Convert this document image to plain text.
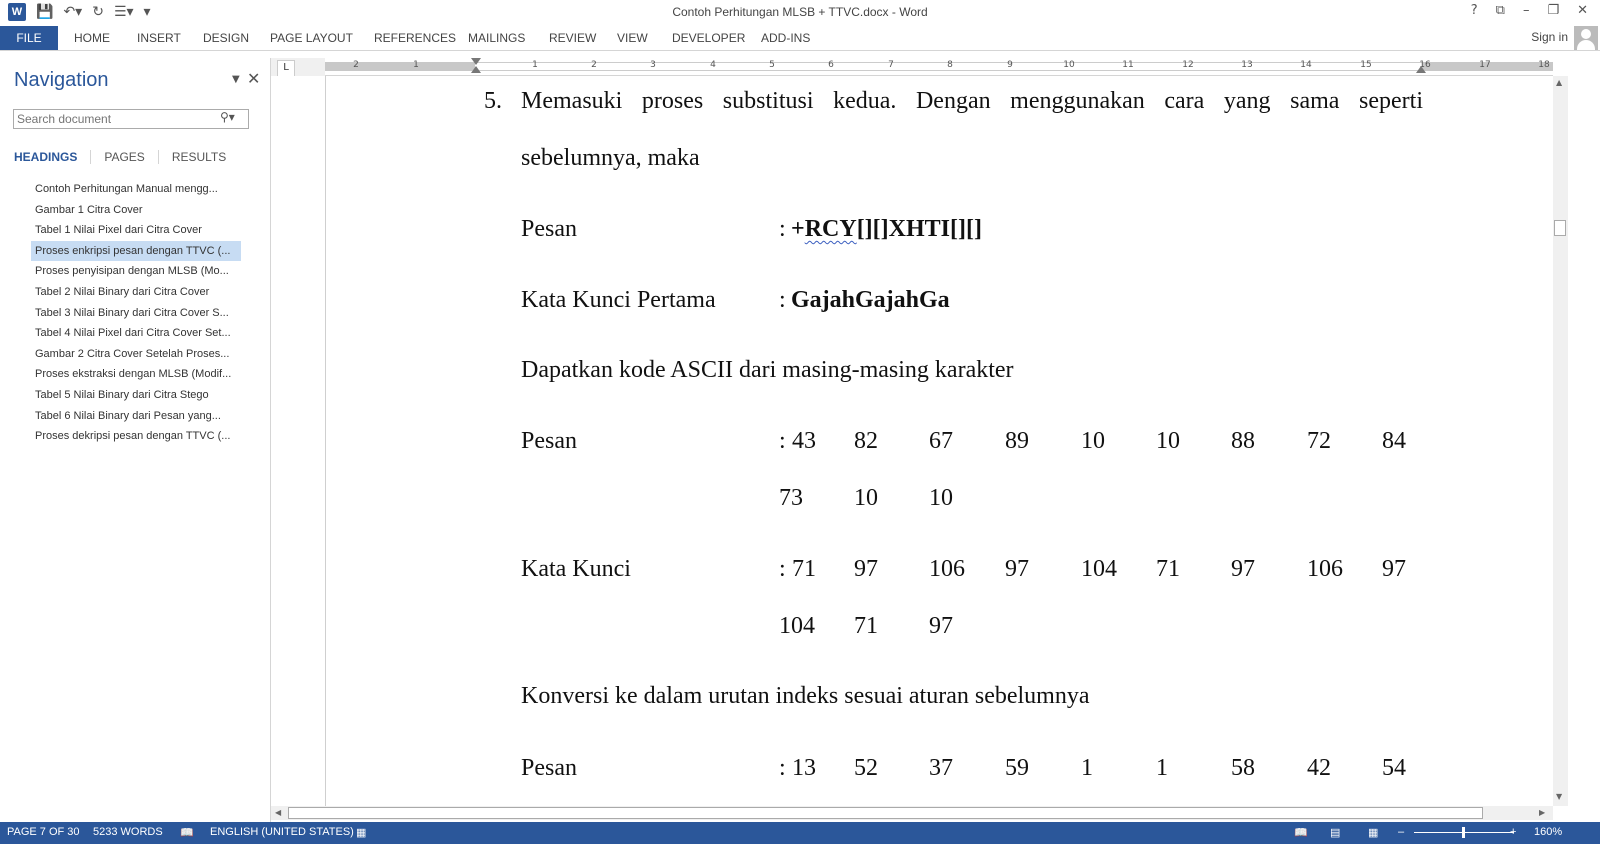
W 💾 ↶▾ ↻ ☰▾ ▾	Contoh Perhitungan MLSB + TTVC.docx - Word	? ⧉ – ❐ ✕
FILE	HOME INSERT DESIGN PAGE LAYOUT REFERENCES MAILINGS REVIEW VIEW DEVELOPER ADD-INS	Sign in
Navigation	▼ ✕
Search document
⚲▾
HEADINGS	PAGES	RESULTS
Contoh Perhitungan Manual mengg...
Gambar 1 Citra Cover
Tabel 1 Nilai Pixel dari Citra Cover
Proses enkripsi pesan dengan TTVC (...
Proses penyisipan dengan MLSB (Mo...
Tabel 2 Nilai Binary dari Citra Cover
Tabel 3 Nilai Binary dari Citra Cover S...
Tabel 4 Nilai Pixel dari Citra Cover Set...
Gambar 2 Citra Cover Setelah Proses...
Proses ekstraksi dengan MLSB (Modif...
Tabel 5 Nilai Binary dari Citra Stego
Tabel 6 Nilai Binary dari Pesan yang...
Proses dekripsi pesan dengan TTVC (...
L	2	1	1	2	3	4	5	6	7	8	9	10	11	12	13	14	15	16	17	18
5. Memasuki proses substitusi kedua. Dengan menggunakan cara yang sama seperti
sebelumnya, maka
Pesan	: +RCY[][]XHTI[][]
Kata Kunci Pertama	: GajahGajahGa
Dapatkan kode ASCII dari masing-masing karakter
Pesan	: 43 82 67 89 10 10 88 72 84
73 10 10
Kata Kunci	: 71 97 106 97 104 71 97 106 97
104 71 97
Konversi ke dalam urutan indeks sesuai aturan sebelumnya
Pesan	: 13 52 37 59 1	1	58 42 54
▲
▼
◀	▶
PAGE 7 OF 30 5233 WORDS 📖 ENGLISH (UNITED STATES) ▦	📖 ▤	▦ –	+ 160%
